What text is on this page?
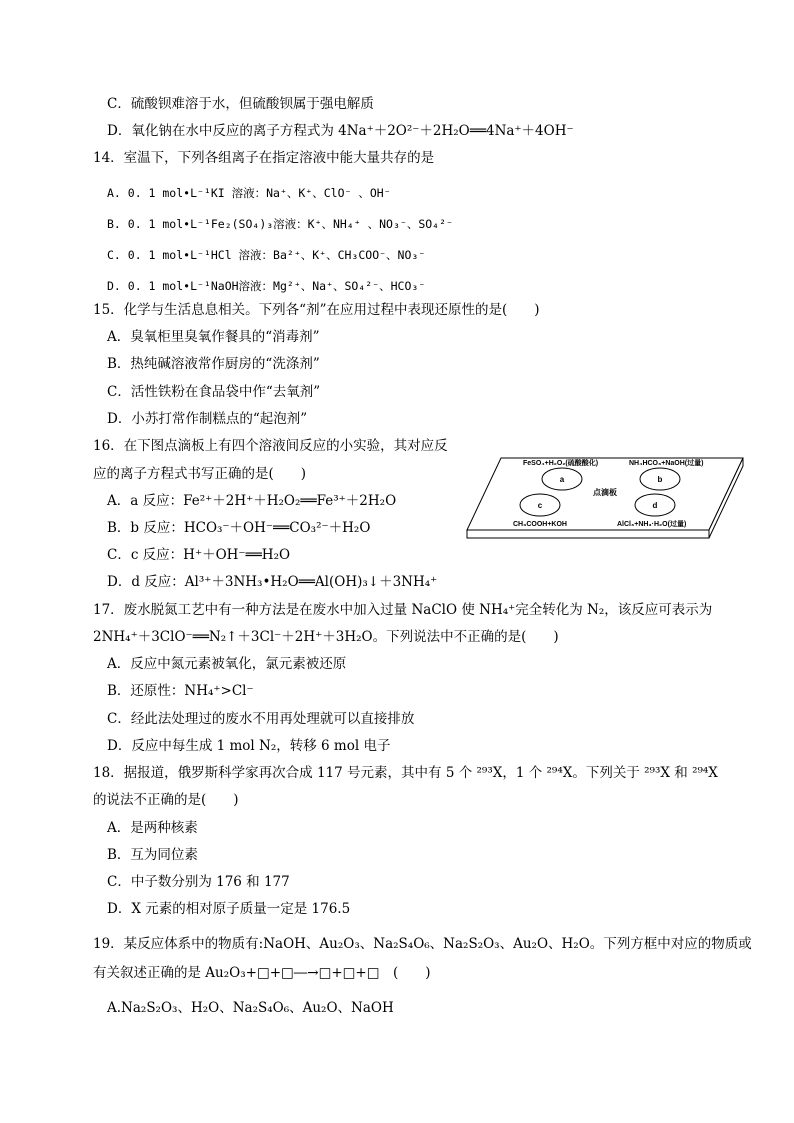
C．硫酸钡难溶于水，但硫酸钡属于强电解质
D．氧化钠在水中反应的离子方程式为 4Na⁺＋2O²⁻＋2H₂O══4Na⁺＋4OH⁻
14．室温下，下列各组离子在指定溶液中能大量共存的是
A. 0. 1 mol•L⁻¹KI 溶液：Na⁺、K⁺、ClO⁻ 、OH⁻
B. 0. 1 mol•L⁻¹Fe₂(SO₄)₃溶液：K⁺、NH₄⁺ 、NO₃⁻、SO₄²⁻
C. 0. 1 mol•L⁻¹HCl 溶液：Ba²⁺、K⁺、CH₃COO⁻、NO₃⁻
D. 0. 1 mol•L⁻¹NaOH溶液：Mg²⁺、Na⁺、SO₄²⁻、HCO₃⁻
15．化学与生活息息相关。下列各“剂”在应用过程中表现还原性的是(　　)
A．臭氧柜里臭氧作餐具的“消毒剂”
B．热纯碱溶液常作厨房的“洗涤剂”
C．活性铁粉在食品袋中作“去氧剂”
D．小苏打常作制糕点的“起泡剂”
16．在下图点滴板上有四个溶液间反应的小实验，其对应反
应的离子方程式书写正确的是(　　)
A．a 反应：Fe²⁺＋2H⁺＋H₂O₂══Fe³⁺＋2H₂O
B．b 反应：HCO₃⁻＋OH⁻══CO₃²⁻＋H₂O
C．c 反应：H⁺＋OH⁻══H₂O
D．d 反应：Al³⁺＋3NH₃•H₂O══Al(OH)₃↓＋3NH₄⁺
17．废水脱氮工艺中有一种方法是在废水中加入过量 NaClO 使 NH₄⁺完全转化为 N₂，该反应可表示为
2NH₄⁺＋3ClO⁻══N₂↑＋3Cl⁻＋2H⁺＋3H₂O。下列说法中不正确的是(　　)
A．反应中氮元素被氧化，氯元素被还原
B．还原性：NH₄⁺>Cl⁻
C．经此法处理过的废水不用再处理就可以直接排放
D．反应中每生成 1 mol N₂，转移 6 mol 电子
18．据报道，俄罗斯科学家再次合成 117 号元素，其中有 5 个 ²⁹³X，1 个 ²⁹⁴X。下列关于 ²⁹³X 和 ²⁹⁴X
的说法不正确的是(　　)
A．是两种核素
B．互为同位素
C．中子数分别为 176 和 177
D．X 元素的相对原子质量一定是 176.5
19．某反应体系中的物质有:NaOH、Au₂O₃、Na₂S₄O₆、Na₂S₂O₃、Au₂O、H₂O。下列方框中对应的物质或
有关叙述正确的是 Au₂O₃+□+□―→□+□+□　(　　)
A.Na₂S₂O₃、H₂O、Na₂S₄O₆、Au₂O、NaOH
a	b
c	d
FeSO₄+H₂O₂(硫酸酸化)	NH₄HCO₃+NaOH(过量)
CH₃COOH+KOH	AlCl₃+NH₃·H₂O(过量)
点滴板
